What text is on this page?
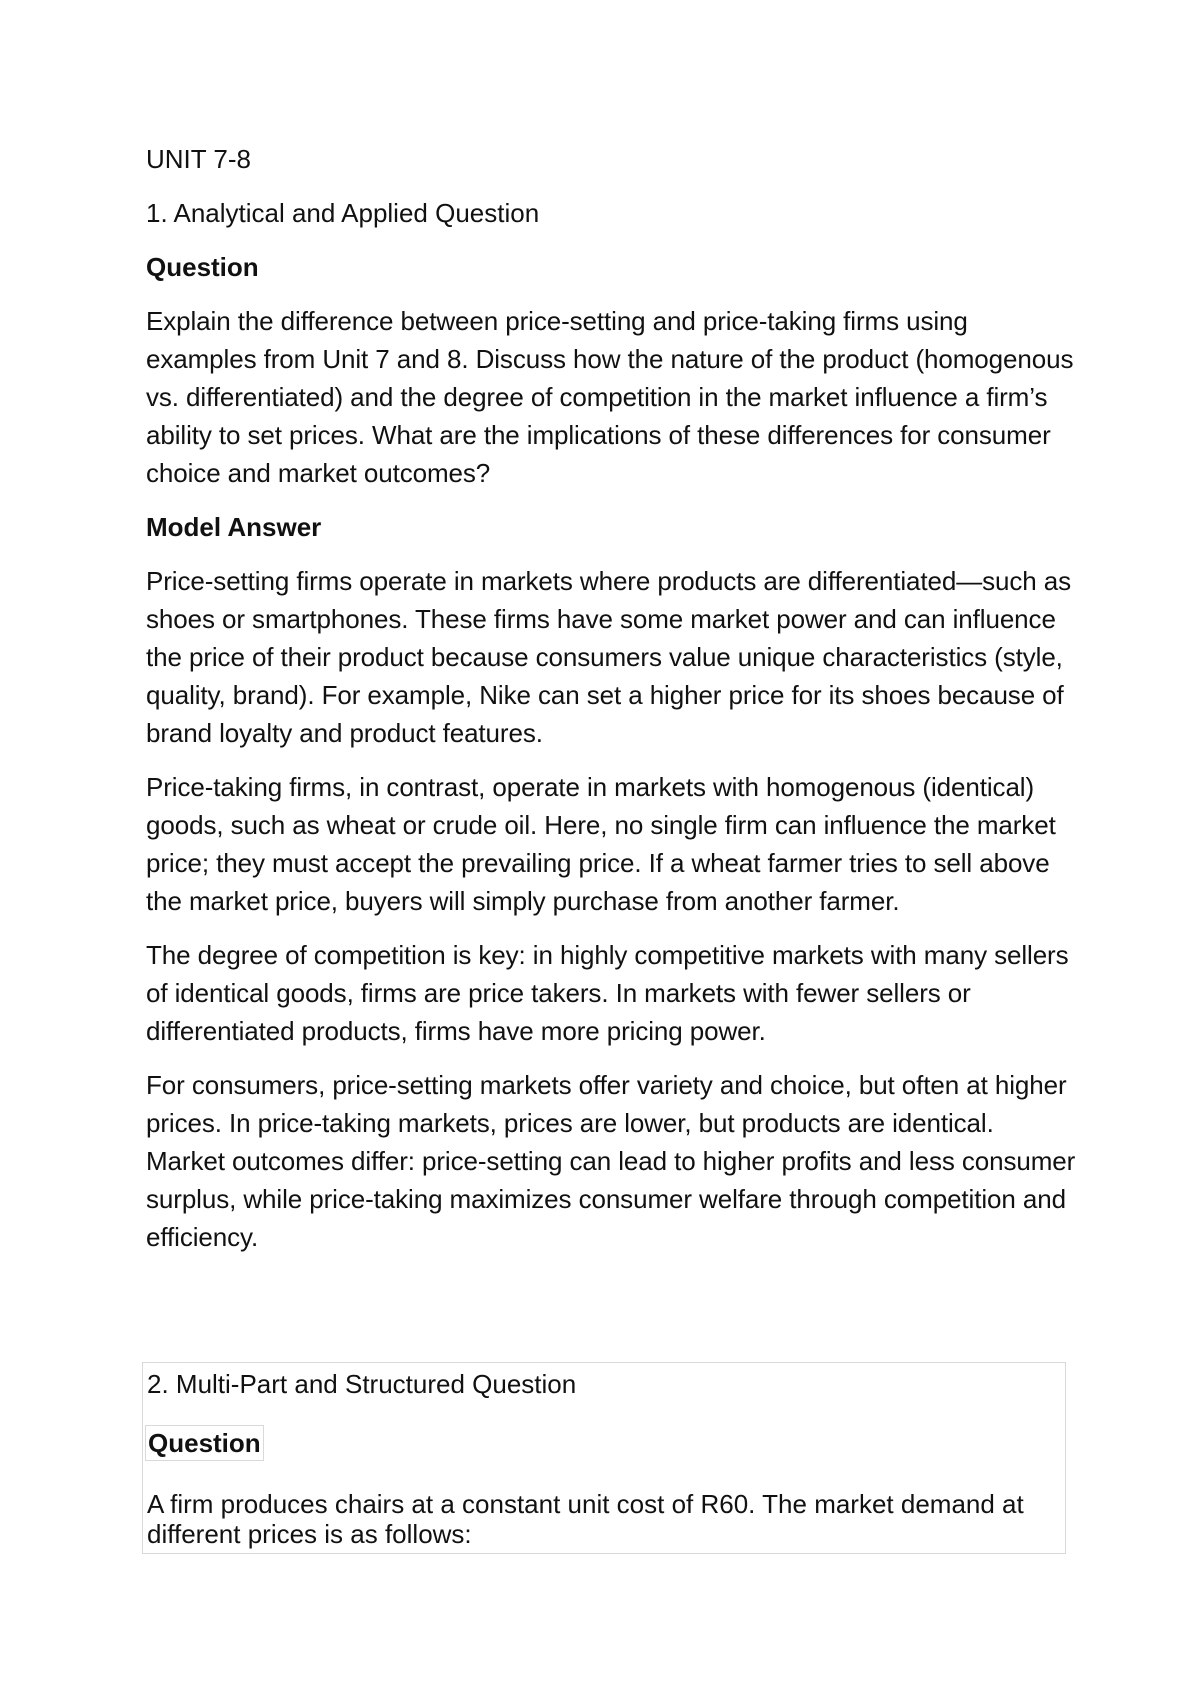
UNIT 7-8
1. Analytical and Applied Question
Question
Explain the difference between price-setting and price-taking firms using examples from Unit 7 and 8. Discuss how the nature of the product (homogenous vs. differentiated) and the degree of competition in the market influence a firm’s ability to set prices. What are the implications of these differences for consumer choice and market outcomes?
Model Answer
Price-setting firms operate in markets where products are differentiated—such as shoes or smartphones. These firms have some market power and can influence the price of their product because consumers value unique characteristics (style, quality, brand). For example, Nike can set a higher price for its shoes because of brand loyalty and product features.
Price-taking firms, in contrast, operate in markets with homogenous (identical) goods, such as wheat or crude oil. Here, no single firm can influence the market price; they must accept the prevailing price. If a wheat farmer tries to sell above the market price, buyers will simply purchase from another farmer.
The degree of competition is key: in highly competitive markets with many sellers of identical goods, firms are price takers. In markets with fewer sellers or differentiated products, firms have more pricing power.
For consumers, price-setting markets offer variety and choice, but often at higher prices. In price-taking markets, prices are lower, but products are identical. Market outcomes differ: price-setting can lead to higher profits and less consumer surplus, while price-taking maximizes consumer welfare through competition and efficiency.
2. Multi-Part and Structured Question
Question
A firm produces chairs at a constant unit cost of R60. The market demand at different prices is as follows:
